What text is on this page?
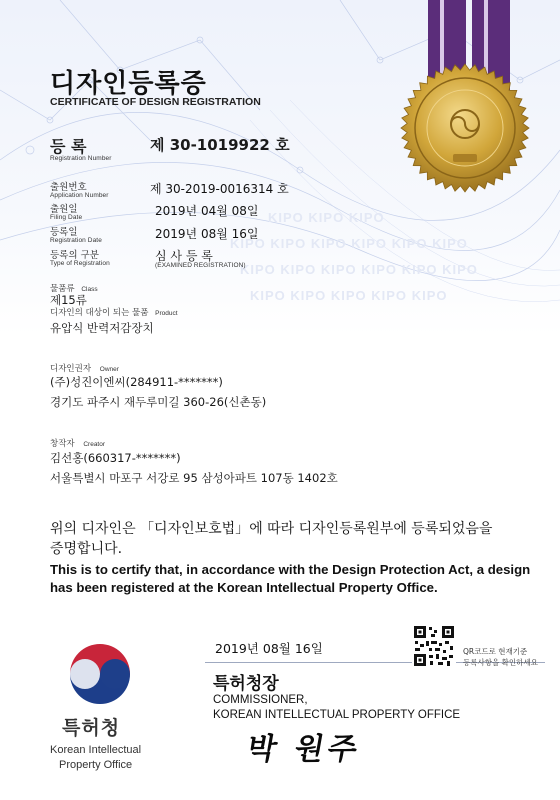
KIPO KIPO KIPO
KIPO KIPO KIPO KIPO KIPO KIPO
KIPO KIPO KIPO KIPO KIPO KIPO
KIPO KIPO KIPO KIPO KIPO
디자인등록증
CERTIFICATE OF DESIGN REGISTRATION
등 록
Registration Number
제 30-1019922 호
출원번호
Application Number	제 30-2019-0016314 호
출원일
Filing Date	2019년 04월 08일
등록일
Registration Date	2019년 08월 16일
등록의 구분
Type of Registration
심 사 등 록
(EXAMINED REGISTRATION)
물품류 Class
제15류
디자인의 대상이 되는 물품 Product
유압식 반력저감장치
디자인권자 Owner
(주)성진이엔씨(284911-*******)
경기도 파주시 재두루미길 360-26(신촌동)
창작자 Creator
김선홍(660317-*******)
서울특별시 마포구 서강로 95 삼성아파트 107동 1402호
위의 디자인은 「디자인보호법」에 따라 디자인등록원부에 등록되었음을
증명합니다.
This is to certify that, in accordance with the Design Protection Act, a design
has been registered at the Korean Intellectual Property Office.
2019년 08월 16일	QR코드로 현재기준
등록사항을 확인하세요
특허청장
COMMISSIONER,
KOREAN INTELLECTUAL PROPERTY OFFICE
박 원주
특허청
Korean Intellectual
Property Office
